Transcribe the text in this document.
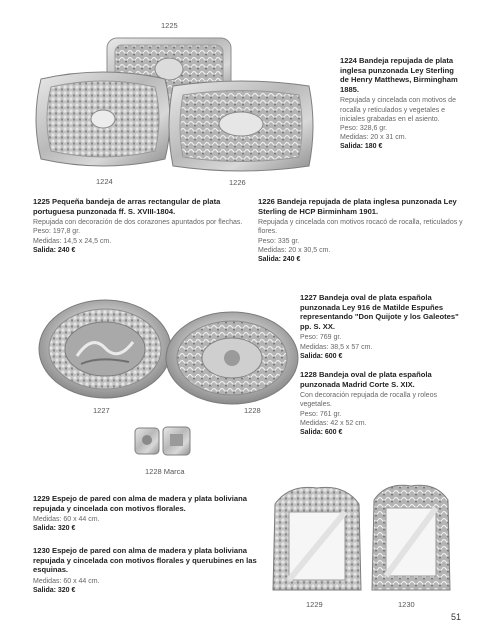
1225
1224	1226
1224 Bandeja repujada de plata inglesa punzonada Ley Sterling de Henry Matthews, Birmingham 1885.
Repujada y cincelada con motivos de rocalla y reticulados y vegetales e iniciales grabadas en el asiento.
Peso: 328,6 gr.
Medidas: 20 x 31 cm.
Salida: 180 €
1225 Pequeña bandeja de arras rectangular de plata portuguesa punzonada ff. S. XVIII-1804.
Repujada con decoración de dos corazones apuntados por flechas.
Peso: 197,8 gr.
Medidas: 14,5 x 24,5 cm.
Salida: 240 €
1226 Bandeja repujada de plata inglesa punzonada Ley Sterling de HCP Birminham 1901.
Repujada y cincelada con motivos rocacó de rocalla, reticulados y flores.
Peso: 335 gr.
Medidas: 20 x 30,5 cm.
Salida: 240 €
1227	1228
1228 Marca
1227 Bandeja oval de plata española punzonada Ley 916 de Matilde Espuñes representando "Don Quijote y los Galeotes" pp. S. XX.
Peso: 769 gr.
Medidas: 38,5 x 57 cm.
Salida: 600 €
1228 Bandeja oval de plata española punzonada Madrid Corte S. XIX.
Con decoración repujada de rocalla y roleos vegetales.
Peso: 761 gr.
Medidas: 42 x 52 cm.
Salida: 600 €
1229 Espejo de pared con alma de madera y plata boliviana repujada y cincelada con motivos florales.
Medidas: 60 x 44 cm.
Salida: 320 €
1230 Espejo de pared con alma de madera y plata boliviana repujada y cincelada con motivos florales y querubines en las esquinas.
Medidas: 60 x 44 cm.
Salida: 320 €
1229	1230
51
